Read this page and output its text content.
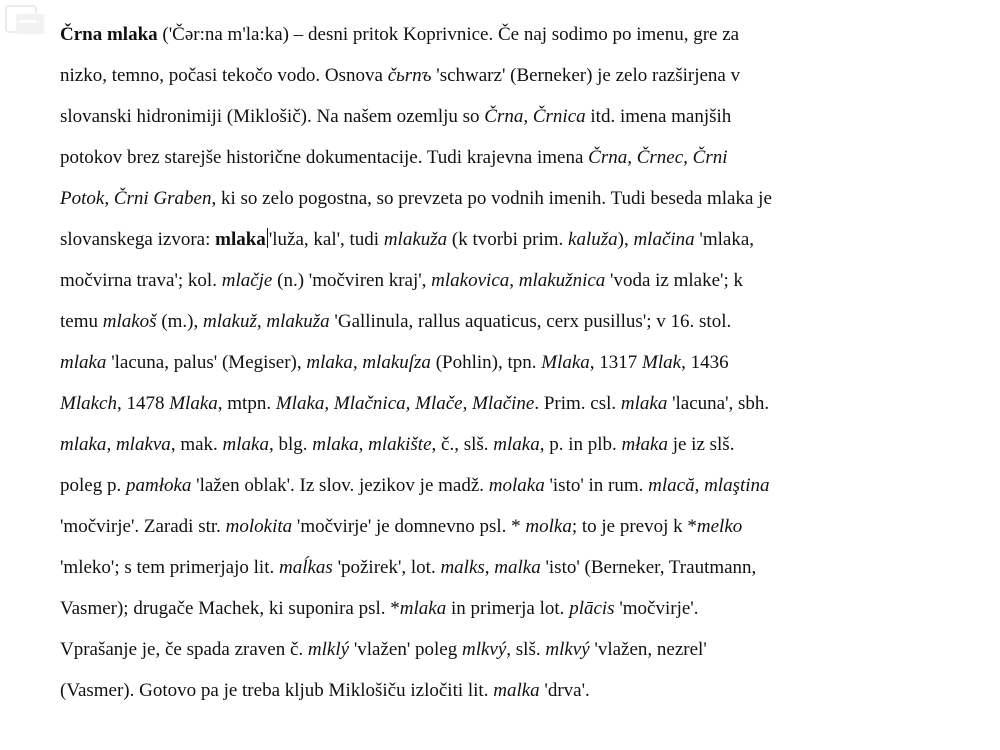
Črna mlaka ('Čər:na m'la:ka) – desni pritok Koprivnice. Če naj sodimo po imenu, gre za
nizko, temno, počasi tekočo vodo. Osnova čьrnъ 'schwarz' (Berneker) je zelo razširjena v
slovanski hidronimiji (Miklošič). Na našem ozemlju so Črna, Črnica itd. imena manjših
potokov brez starejše historične dokumentacije. Tudi krajevna imena Črna, Črnec, Črni
Potok, Črni Graben, ki so zelo pogostna, so prevzeta po vodnih imenih. Tudi beseda mlaka je
slovanskega izvora: mlaka 'luža, kal', tudi mlakuža (k tvorbi prim. kaluža), mlačina 'mlaka,
močvirna trava'; kol. mlačje (n.) 'močviren kraj', mlakovica, mlakužnica 'voda iz mlake'; k
temu mlakoš (m.), mlakuž, mlakuža 'Gallinula, rallus aquaticus, cerx pusillus'; v 16. stol.
mlaka 'lacuna, palus' (Megiser), mlaka, mlakuſza (Pohlin), tpn. Mlaka, 1317 Mlak, 1436
Mlakch, 1478 Mlaka, mtpn. Mlaka, Mlačnica, Mlače, Mlačine. Prim. csl. mlaka 'lacuna', sbh.
mlaka, mlakva, mak. mlaka, blg. mlaka, mlakište, č., slš. mlaka, p. in plb. młaka je iz slš.
poleg p. pamłoka 'lažen oblak'. Iz slov. jezikov je madž. molaka 'isto' in rum. mlacă, mlaştina
'močvirje'. Zaradi str. molokita 'močvirje' je domnevno psl. * molka; to je prevoj k *melko
'mleko'; s tem primerjajo lit. maĺkas 'požirek', lot. malks, malka 'isto' (Berneker, Trautmann,
Vasmer); drugače Machek, ki suponira psl. *mlaka in primerja lot. plācis 'močvirje'.
Vprašanje je, če spada zraven č. mlklý 'vlažen' poleg mlkvý, slš. mlkvý 'vlažen, nezrel'
(Vasmer). Gotovo pa je treba kljub Miklošiču izločiti lit. malka 'drva'.
